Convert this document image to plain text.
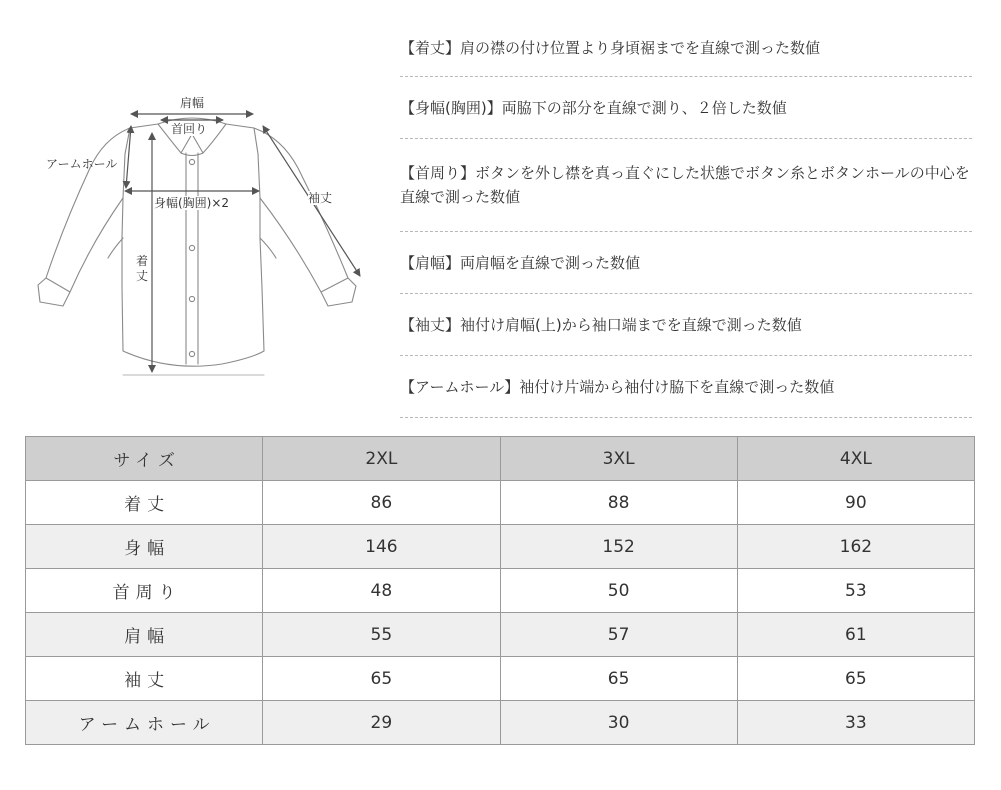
肩幅
首回り
アームホール
身幅(胸囲)×2
着丈
袖丈
【着丈】肩の襟の付け位置より身頃裾までを直線で測った数値
【身幅(胸囲)】両脇下の部分を直線で測り、２倍した数値
【首周り】ボタンを外し襟を真っ直ぐにした状態でボタン糸とボタンホールの中心を直線で測った数値
【肩幅】両肩幅を直線で測った数値
【袖丈】袖付け肩幅(上)から袖口端までを直線で測った数値
【アームホール】袖付け片端から袖付け脇下を直線で測った数値
サイズ	2XL	3XL	4XL
着丈	86	88	90
身幅	146	152	162
首周り	48	50	53
肩幅	55	57	61
袖丈	65	65	65
アームホール	29	30	33
